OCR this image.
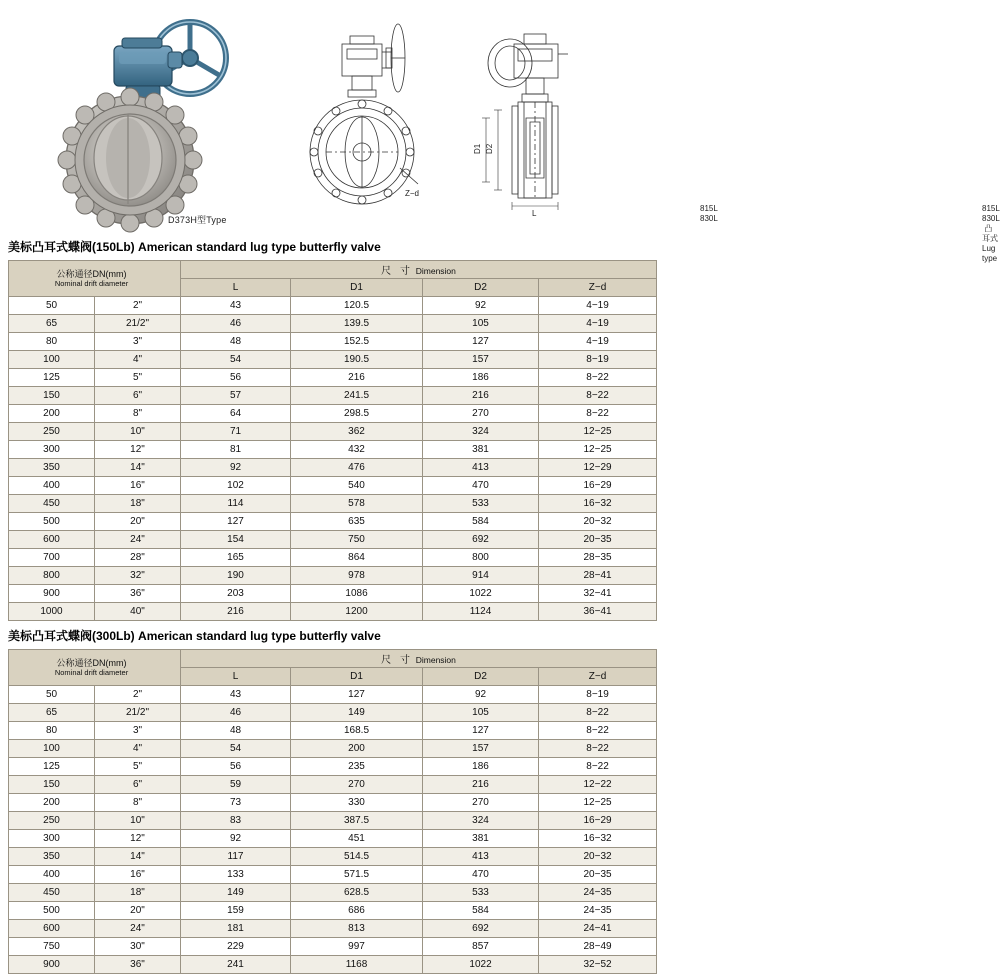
D373H型Type
Z−d
815L
830L
D1 D2
L
815L
830L  凸耳式 Lug type
美标凸耳式蝶阀(150Lb) American standard lug type butterfly valve
公称通径DN(mm)
Nominal drift diameter		尺 寸 Dimension			
		L	D1	D2	Z−d
50	2"	43	120.5	92	4−19
65	21/2"	46	139.5	105	4−19
80	3"	48	152.5	127	4−19
100	4"	54	190.5	157	8−19
125	5"	56	216	186	8−22
150	6"	57	241.5	216	8−22
200	8"	64	298.5	270	8−22
250	10"	71	362	324	12−25
300	12"	81	432	381	12−25
350	14"	92	476	413	12−29
400	16"	102	540	470	16−29
450	18"	114	578	533	16−32
500	20"	127	635	584	20−32
600	24"	154	750	692	20−35
700	28"	165	864	800	28−35
800	32"	190	978	914	28−41
900	36"	203	1086	1022	32−41
1000	40"	216	1200	1124	36−41
美标凸耳式蝶阀(300Lb) American standard lug type butterfly valve
公称通径DN(mm)
Nominal drift diameter		尺 寸 Dimension			
		L	D1	D2	Z−d
50	2"	43	127	92	8−19
65	21/2"	46	149	105	8−22
80	3"	48	168.5	127	8−22
100	4"	54	200	157	8−22
125	5"	56	235	186	8−22
150	6"	59	270	216	12−22
200	8"	73	330	270	12−25
250	10"	83	387.5	324	16−29
300	12"	92	451	381	16−32
350	14"	117	514.5	413	20−32
400	16"	133	571.5	470	20−35
450	18"	149	628.5	533	24−35
500	20"	159	686	584	24−35
600	24"	181	813	692	24−41
750	30"	229	997	857	28−49
900	36"	241	1168	1022	32−52
